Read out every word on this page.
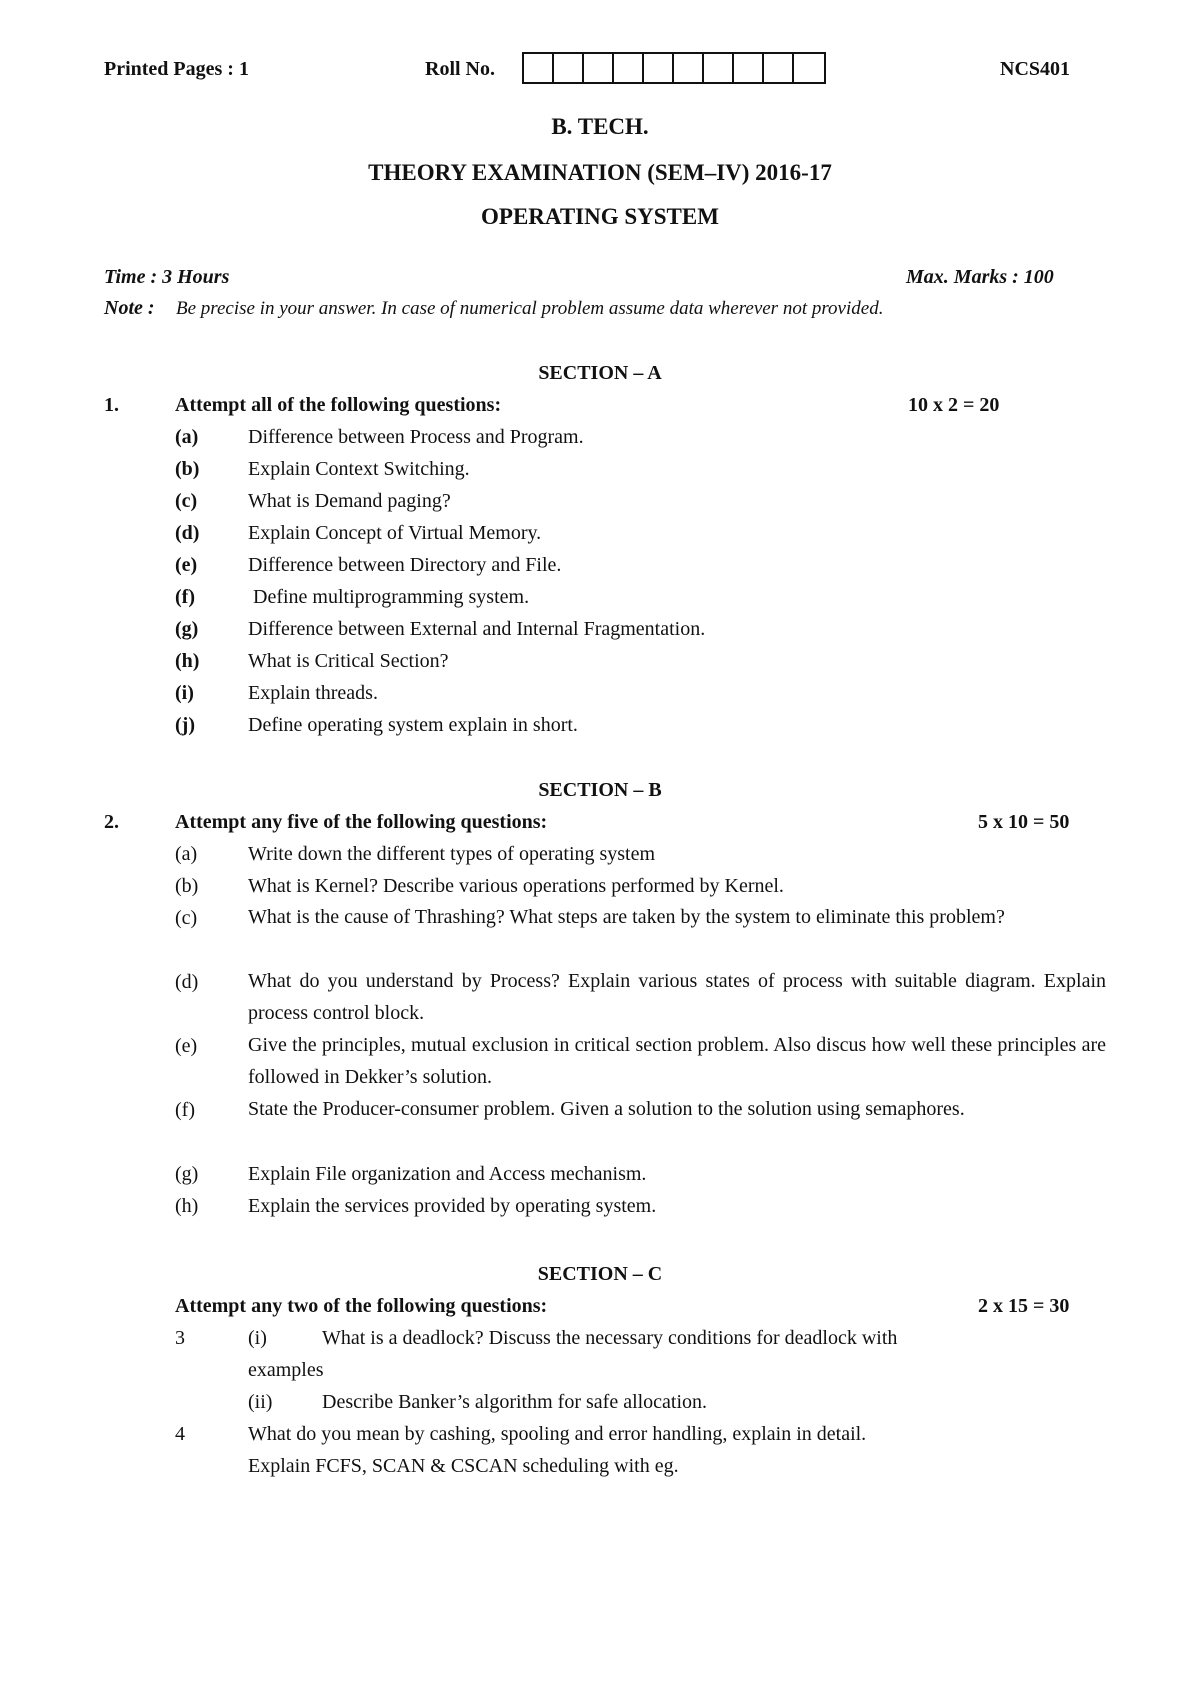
Printed Pages : 1	Roll No.	NCS401
B. TECH.
THEORY EXAMINATION (SEM–IV) 2016-17
OPERATING SYSTEM
Time : 3 Hours	Max. Marks : 100
Note : Be precise in your answer. In case of numerical problem assume data wherever not provided.
SECTION – A
1.	Attempt all of the following questions:	10 x 2 = 20
(a) Difference between Process and Program.
(b) Explain Context Switching.
(c)	What is Demand paging?
(d) Explain Concept of Virtual Memory.
(e)	Difference between Directory and File.
(f)	Define multiprogramming system.
(g) Difference between External and Internal Fragmentation.
(h) What is Critical Section?
(i)	Explain threads.
(j)	Define operating system explain in short.
SECTION – B
2.	Attempt any five of the following questions:	5 x 10 = 50
(a)	Write down the different types of operating system
(b) What is Kernel? Describe various operations performed by Kernel.
(c)	What is the cause of Thrashing? What steps are taken by the system to eliminate this problem?
(d) What do you understand by Process? Explain various states of process with suitable diagram. Explain process control block.
(e)	Give the principles, mutual exclusion in critical section problem. Also discus how well these principles are followed in Dekker’s solution.
(f)	State the Producer-consumer problem. Given a solution to the solution using semaphores.
(g) Explain File organization and Access mechanism.
(h) Explain the services provided by operating system.
SECTION – C
Attempt any two of the following questions:	2 x 15 = 30
3	(i)	What is a deadlock? Discuss the necessary conditions for deadlock with
examples
(ii) Describe Banker’s algorithm for safe allocation.
4	What do you mean by cashing, spooling and error handling, explain in detail.
Explain FCFS, SCAN & CSCAN scheduling with eg.
